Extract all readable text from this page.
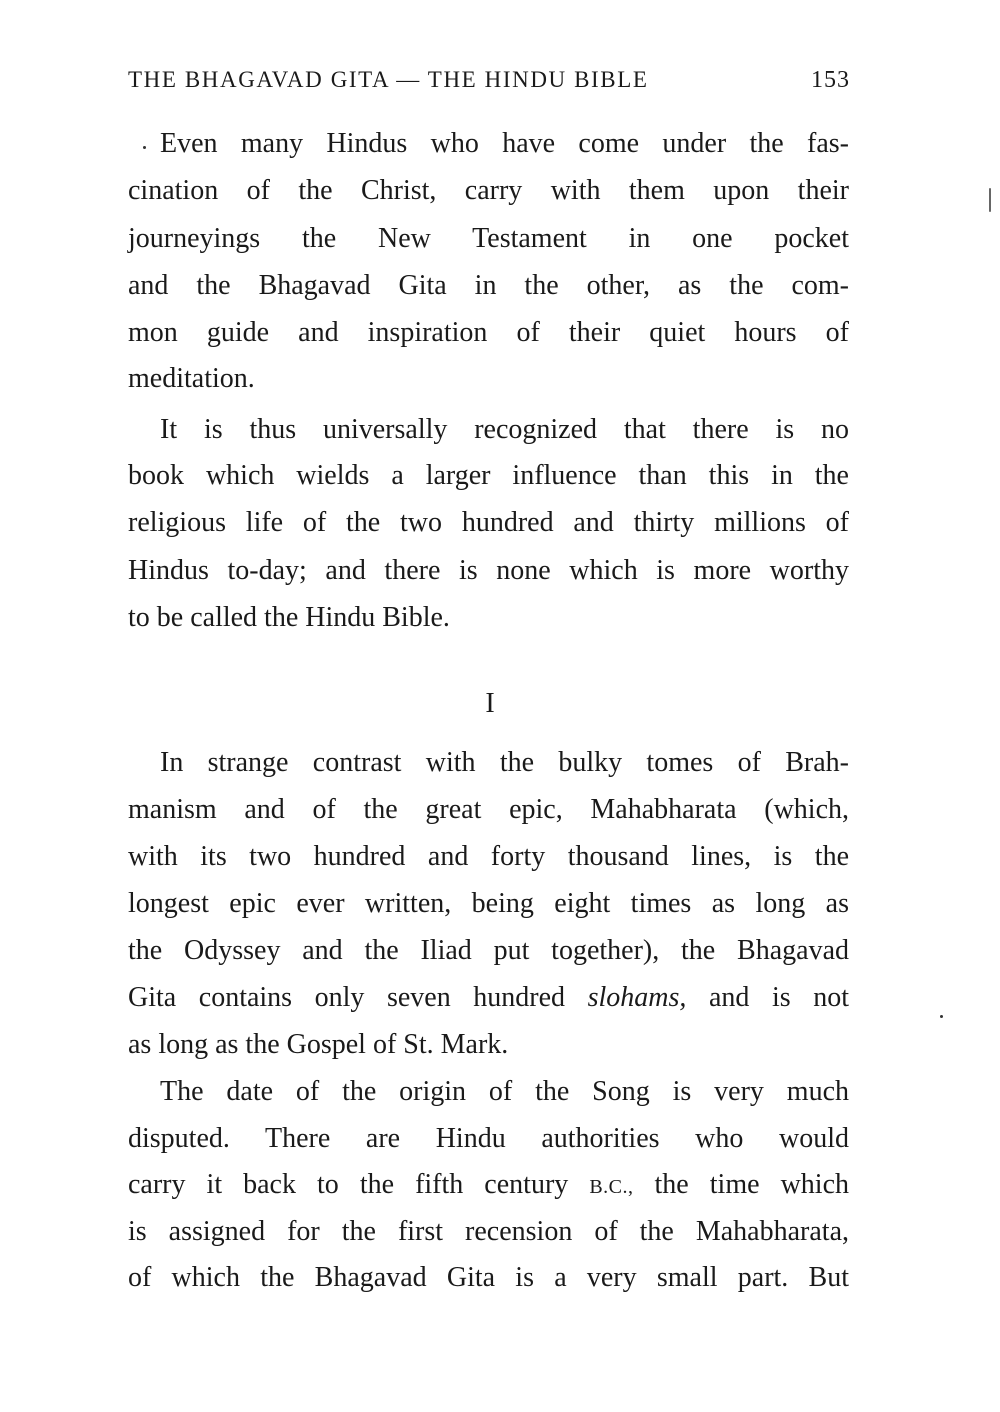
THE BHAGAVAD GITA — THE HINDU BIBLE	153
Even many Hindus who have come under the fas-
cination of the Christ, carry with them upon their
journeyings the New Testament in one pocket
and the Bhagavad Gita in the other, as the com-
mon guide and inspiration of their quiet hours of
meditation.
It is thus universally recognized that there is no
book which wields a larger influence than this in the
religious life of the two hundred and thirty millions of
Hindus to-day; and there is none which is more worthy
to be called the Hindu Bible.
I
In strange contrast with the bulky tomes of Brah-
manism and of the great epic, Mahabharata (which,
with its two hundred and forty thousand lines, is the
longest epic ever written, being eight times as long as
the Odyssey and the Iliad put together), the Bhagavad
Gita contains only seven hundred slohams, and is not
as long as the Gospel of St. Mark.
The date of the origin of the Song is very much
disputed. There are Hindu authorities who would
carry it back to the fifth century B.C., the time which
is assigned for the first recension of the Mahabharata,
of which the Bhagavad Gita is a very small part. But
